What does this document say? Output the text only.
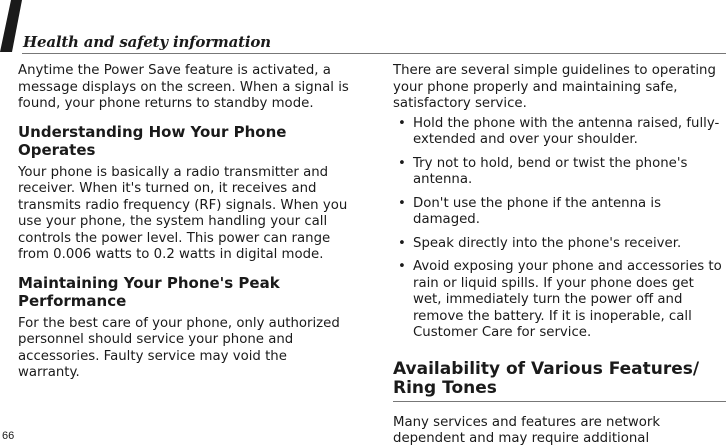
Health and safety information

Anytime the Power Save feature is activated, a message displays on the screen. When a signal is found, your phone returns to standby mode.

Understanding How Your Phone Operates

Your phone is basically a radio transmitter and receiver. When it's turned on, it receives and transmits radio frequency (RF) signals. When you use your phone, the system handling your call controls the power level. This power can range from 0.006 watts to 0.2 watts in digital mode.

Maintaining Your Phone's Peak Performance

For the best care of your phone, only authorized personnel should service your phone and accessories. Faulty service may void the warranty.

There are several simple guidelines to operating your phone properly and maintaining safe, satisfactory service.

• Hold the phone with the antenna raised, fully-extended and over your shoulder.
• Try not to hold, bend or twist the phone's antenna.
• Don't use the phone if the antenna is damaged.
• Speak directly into the phone's receiver.
• Avoid exposing your phone and accessories to rain or liquid spills. If your phone does get wet, immediately turn the power off and remove the battery. If it is inoperable, call Customer Care for service.
Availability of Various Features/ Ring Tones

Many services and features are network dependent and may require additional

66
